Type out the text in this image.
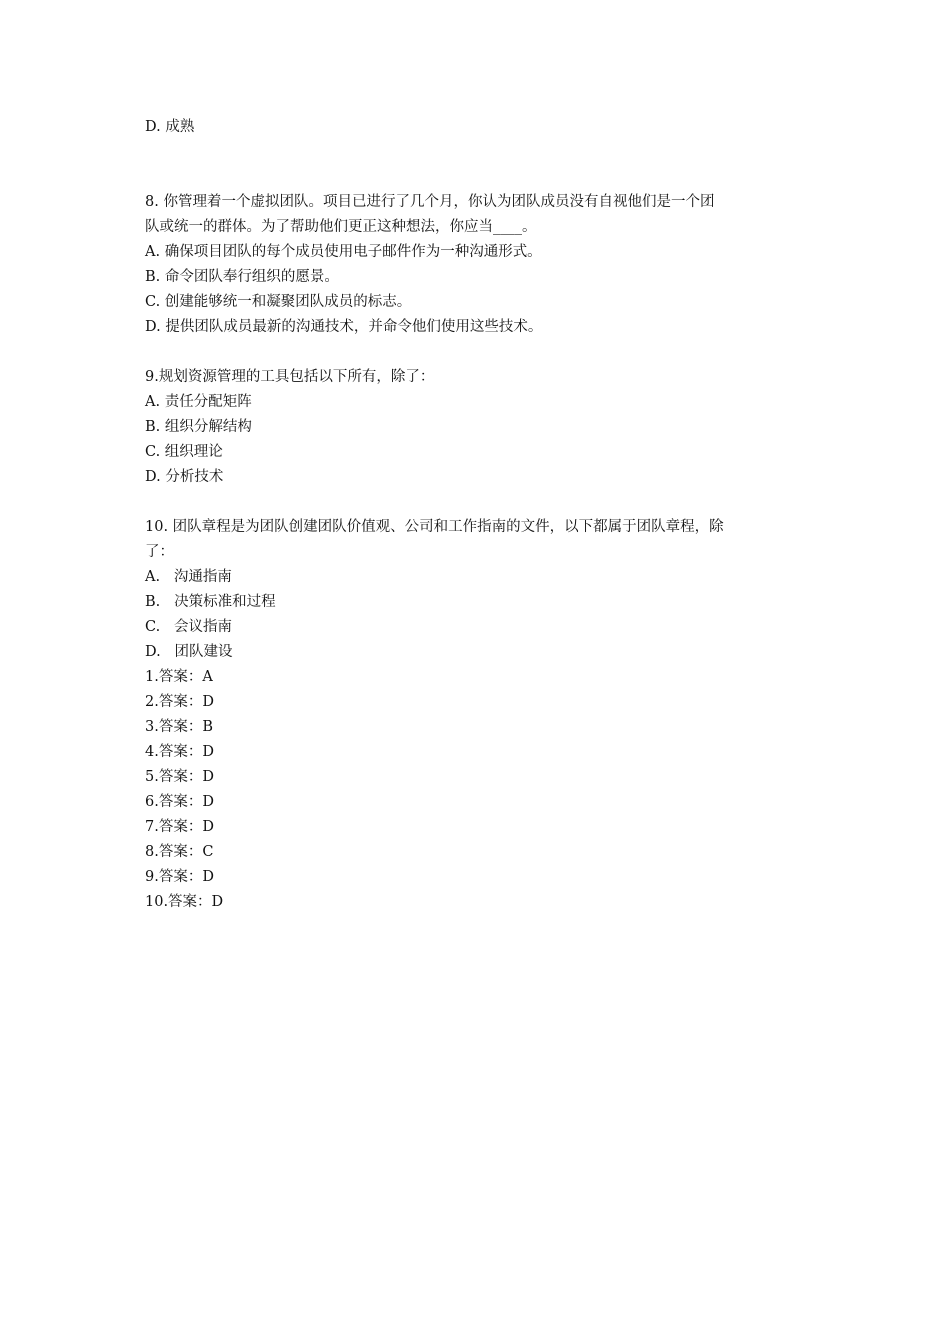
D. 成熟
8. 你管理着一个虚拟团队。项目已进行了几个月，你认为团队成员没有自视他们是一个团
队或统一的群体。为了帮助他们更正这种想法，你应当____。
A. 确保项目团队的每个成员使用电子邮件作为一种沟通形式。
B. 命令团队奉行组织的愿景。
C. 创建能够统一和凝聚团队成员的标志。
D. 提供团队成员最新的沟通技术，并命令他们使用这些技术。
9.规划资源管理的工具包括以下所有，除了：
A. 责任分配矩阵
B. 组织分解结构
C. 组织理论
D. 分析技术
10. 团队章程是为团队创建团队价值观、公司和工作指南的文件，以下都属于团队章程，除
了：
A.   沟通指南
B.   决策标准和过程
C.   会议指南
D.   团队建设
1.答案：A
2.答案：D
3.答案：B
4.答案：D
5.答案：D
6.答案：D
7.答案：D
8.答案：C
9.答案：D
10.答案：D
